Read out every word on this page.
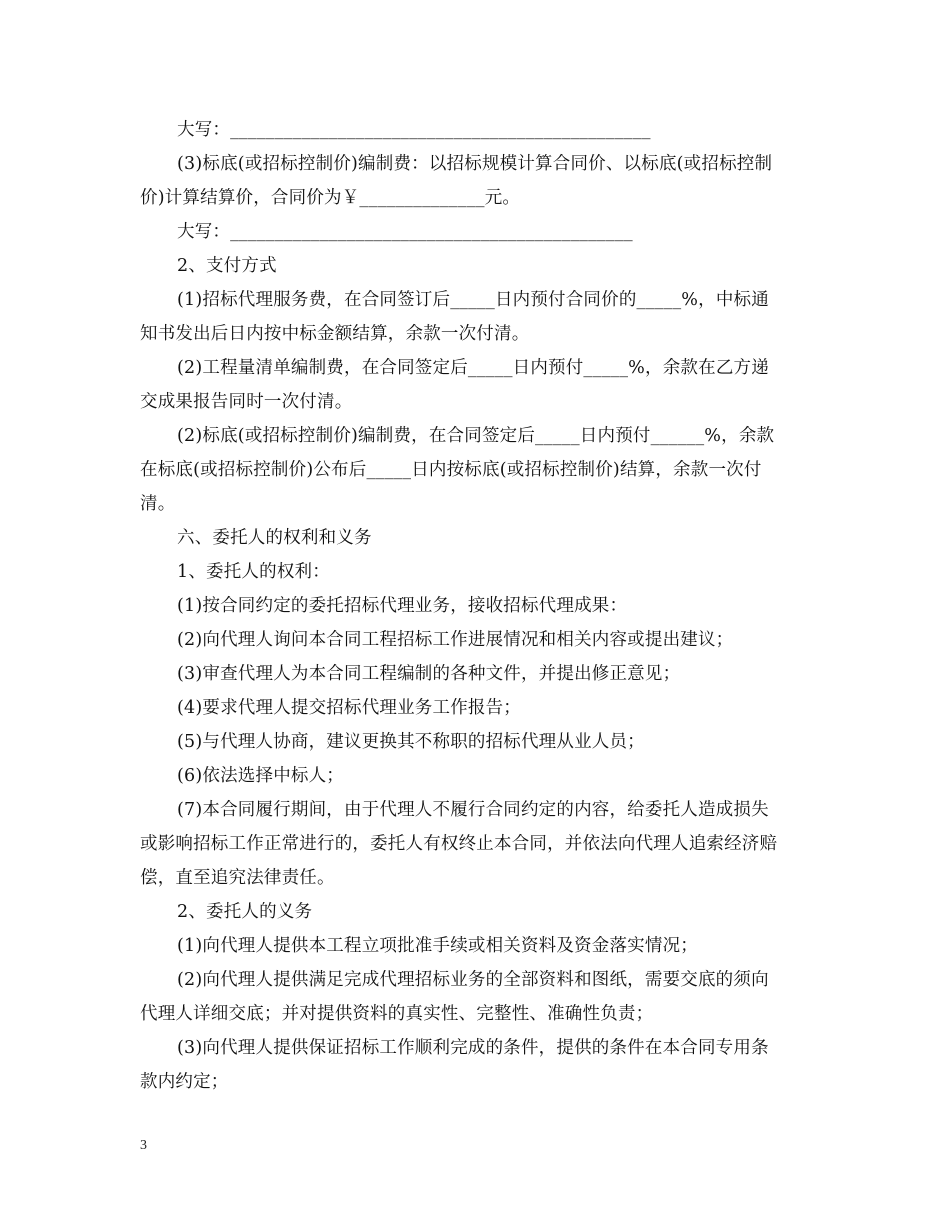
大写：_______________________________________________
(3)标底(或招标控制价)编制费：以招标规模计算合同价、以标底(或招标控制
价)计算结算价，合同价为￥______________元。
大写：_____________________________________________
2、支付方式
(1)招标代理服务费，在合同签订后_____日内预付合同价的_____%，中标通
知书发出后日内按中标金额结算，余款一次付清。
(2)工程量清单编制费，在合同签定后_____日内预付_____%，余款在乙方递
交成果报告同时一次付清。
(2)标底(或招标控制价)编制费，在合同签定后_____日内预付______%，余款
在标底(或招标控制价)公布后_____日内按标底(或招标控制价)结算，余款一次付
清。
六、委托人的权利和义务
1、委托人的权利：
(1)按合同约定的委托招标代理业务，接收招标代理成果：
(2)向代理人询问本合同工程招标工作进展情况和相关内容或提出建议；
(3)审查代理人为本合同工程编制的各种文件，并提出修正意见；
(4)要求代理人提交招标代理业务工作报告；
(5)与代理人协商，建议更换其不称职的招标代理从业人员；
(6)依法选择中标人；
(7)本合同履行期间，由于代理人不履行合同约定的内容，给委托人造成损失
或影响招标工作正常进行的，委托人有权终止本合同，并依法向代理人追索经济赔
偿，直至追究法律责任。
2、委托人的义务
(1)向代理人提供本工程立项批准手续或相关资料及资金落实情况；
(2)向代理人提供满足完成代理招标业务的全部资料和图纸，需要交底的须向
代理人详细交底；并对提供资料的真实性、完整性、准确性负责；
(3)向代理人提供保证招标工作顺利完成的条件，提供的条件在本合同专用条
款内约定；
3
